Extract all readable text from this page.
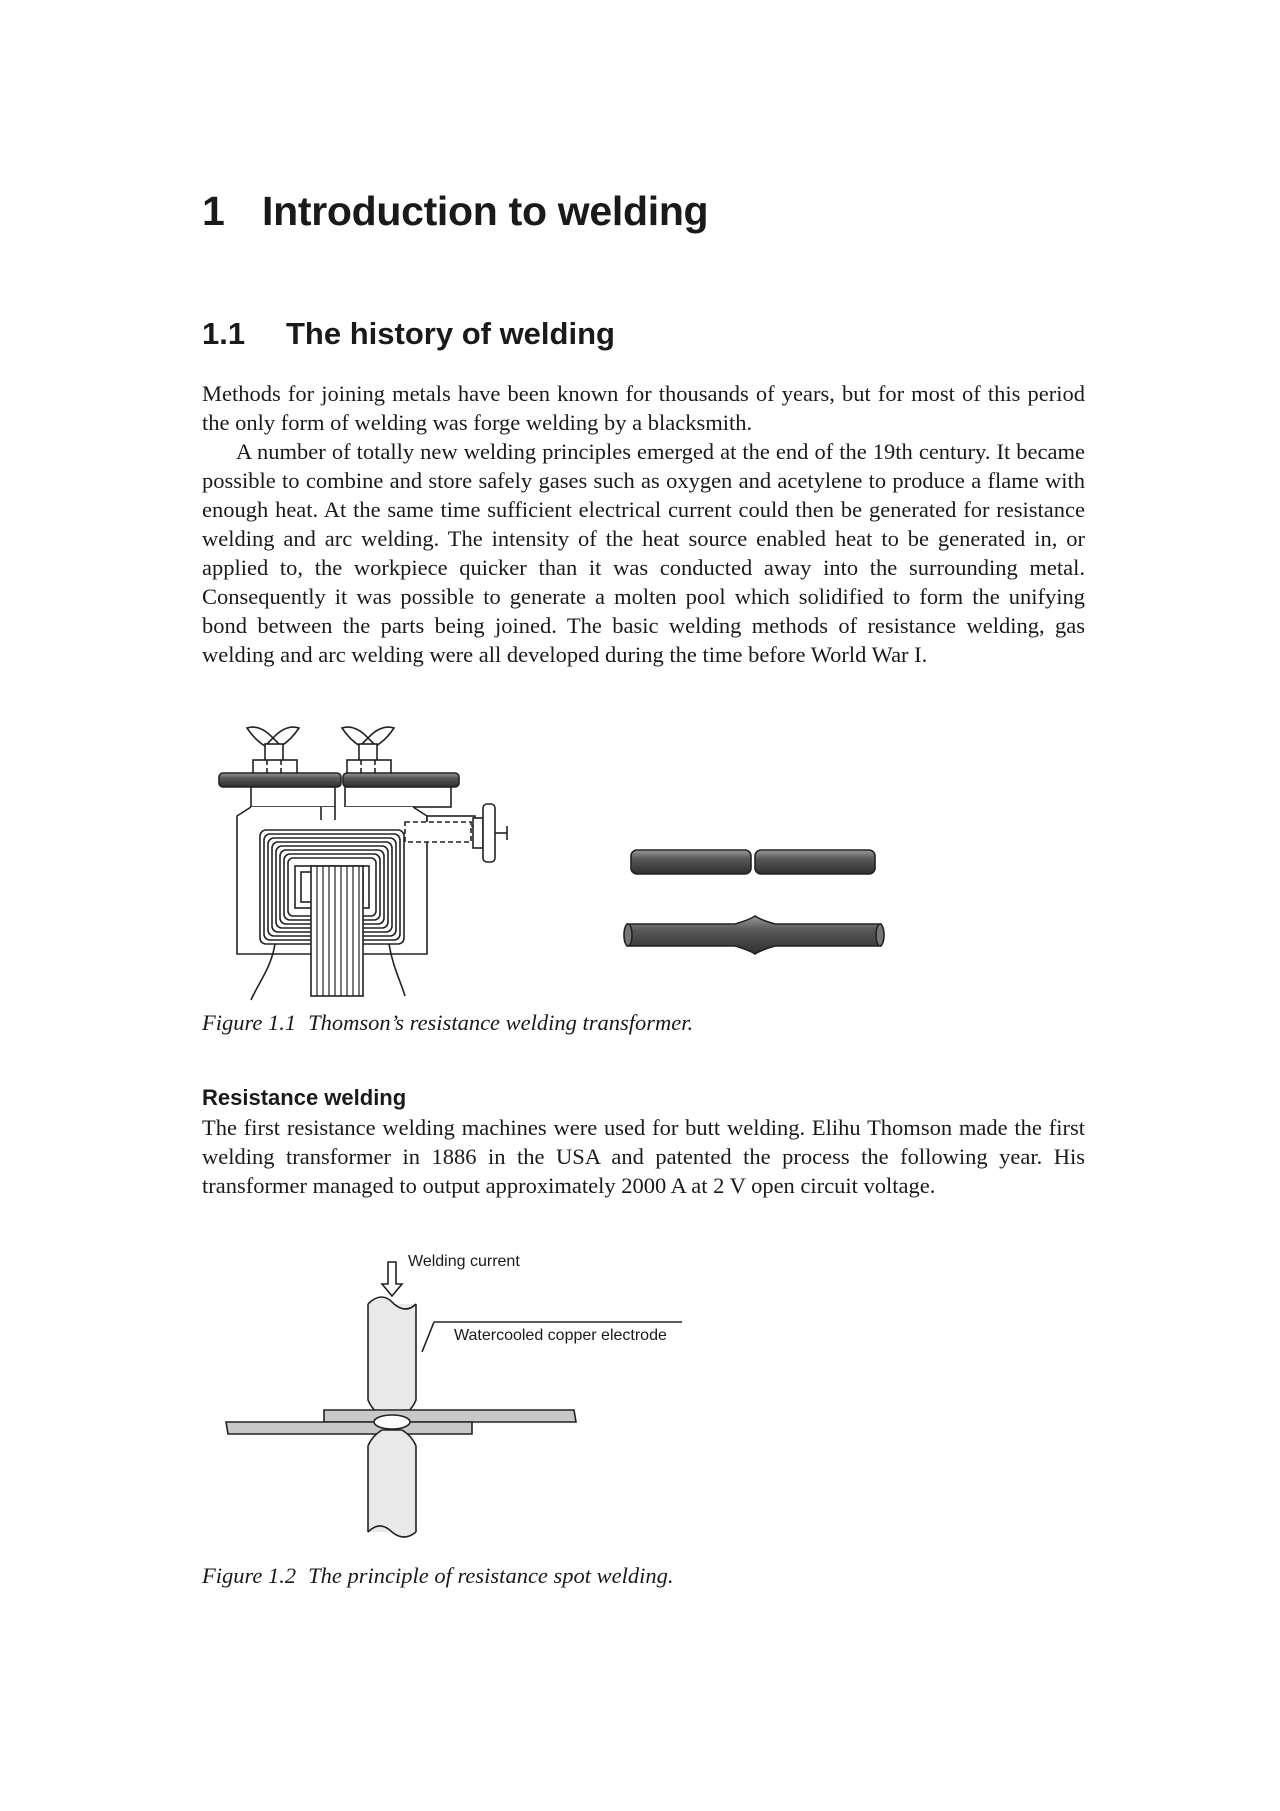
1 Introduction to welding
1.1 The history of welding

Methods for joining metals have been known for thousands of years, but for most of this period the only form of welding was forge welding by a blacksmith.

A number of totally new welding principles emerged at the end of the 19th century. It became possible to combine and store safely gases such as oxygen and acetylene to produce a flame with enough heat. At the same time sufficient electrical current could then be generated for resistance welding and arc welding. The intensity of the heat source enabled heat to be generated in, or applied to, the workpiece quicker than it was conducted away into the surrounding metal. Consequently it was possible to generate a molten pool which solidified to form the unifying bond between the parts being joined. The basic welding methods of resistance welding, gas welding and arc welding were all developed during the time before World War I.

Figure 1.1 Thomson’s resistance welding transformer.

Resistance welding

The first resistance welding machines were used for butt welding. Elihu Thomson made the first welding transformer in 1886 in the USA and patented the process the following year. His transformer managed to output approximately 2000 A at 2 V open circuit voltage.

Welding current
Watercooled copper electrode

Figure 1.2 The principle of resistance spot welding.
